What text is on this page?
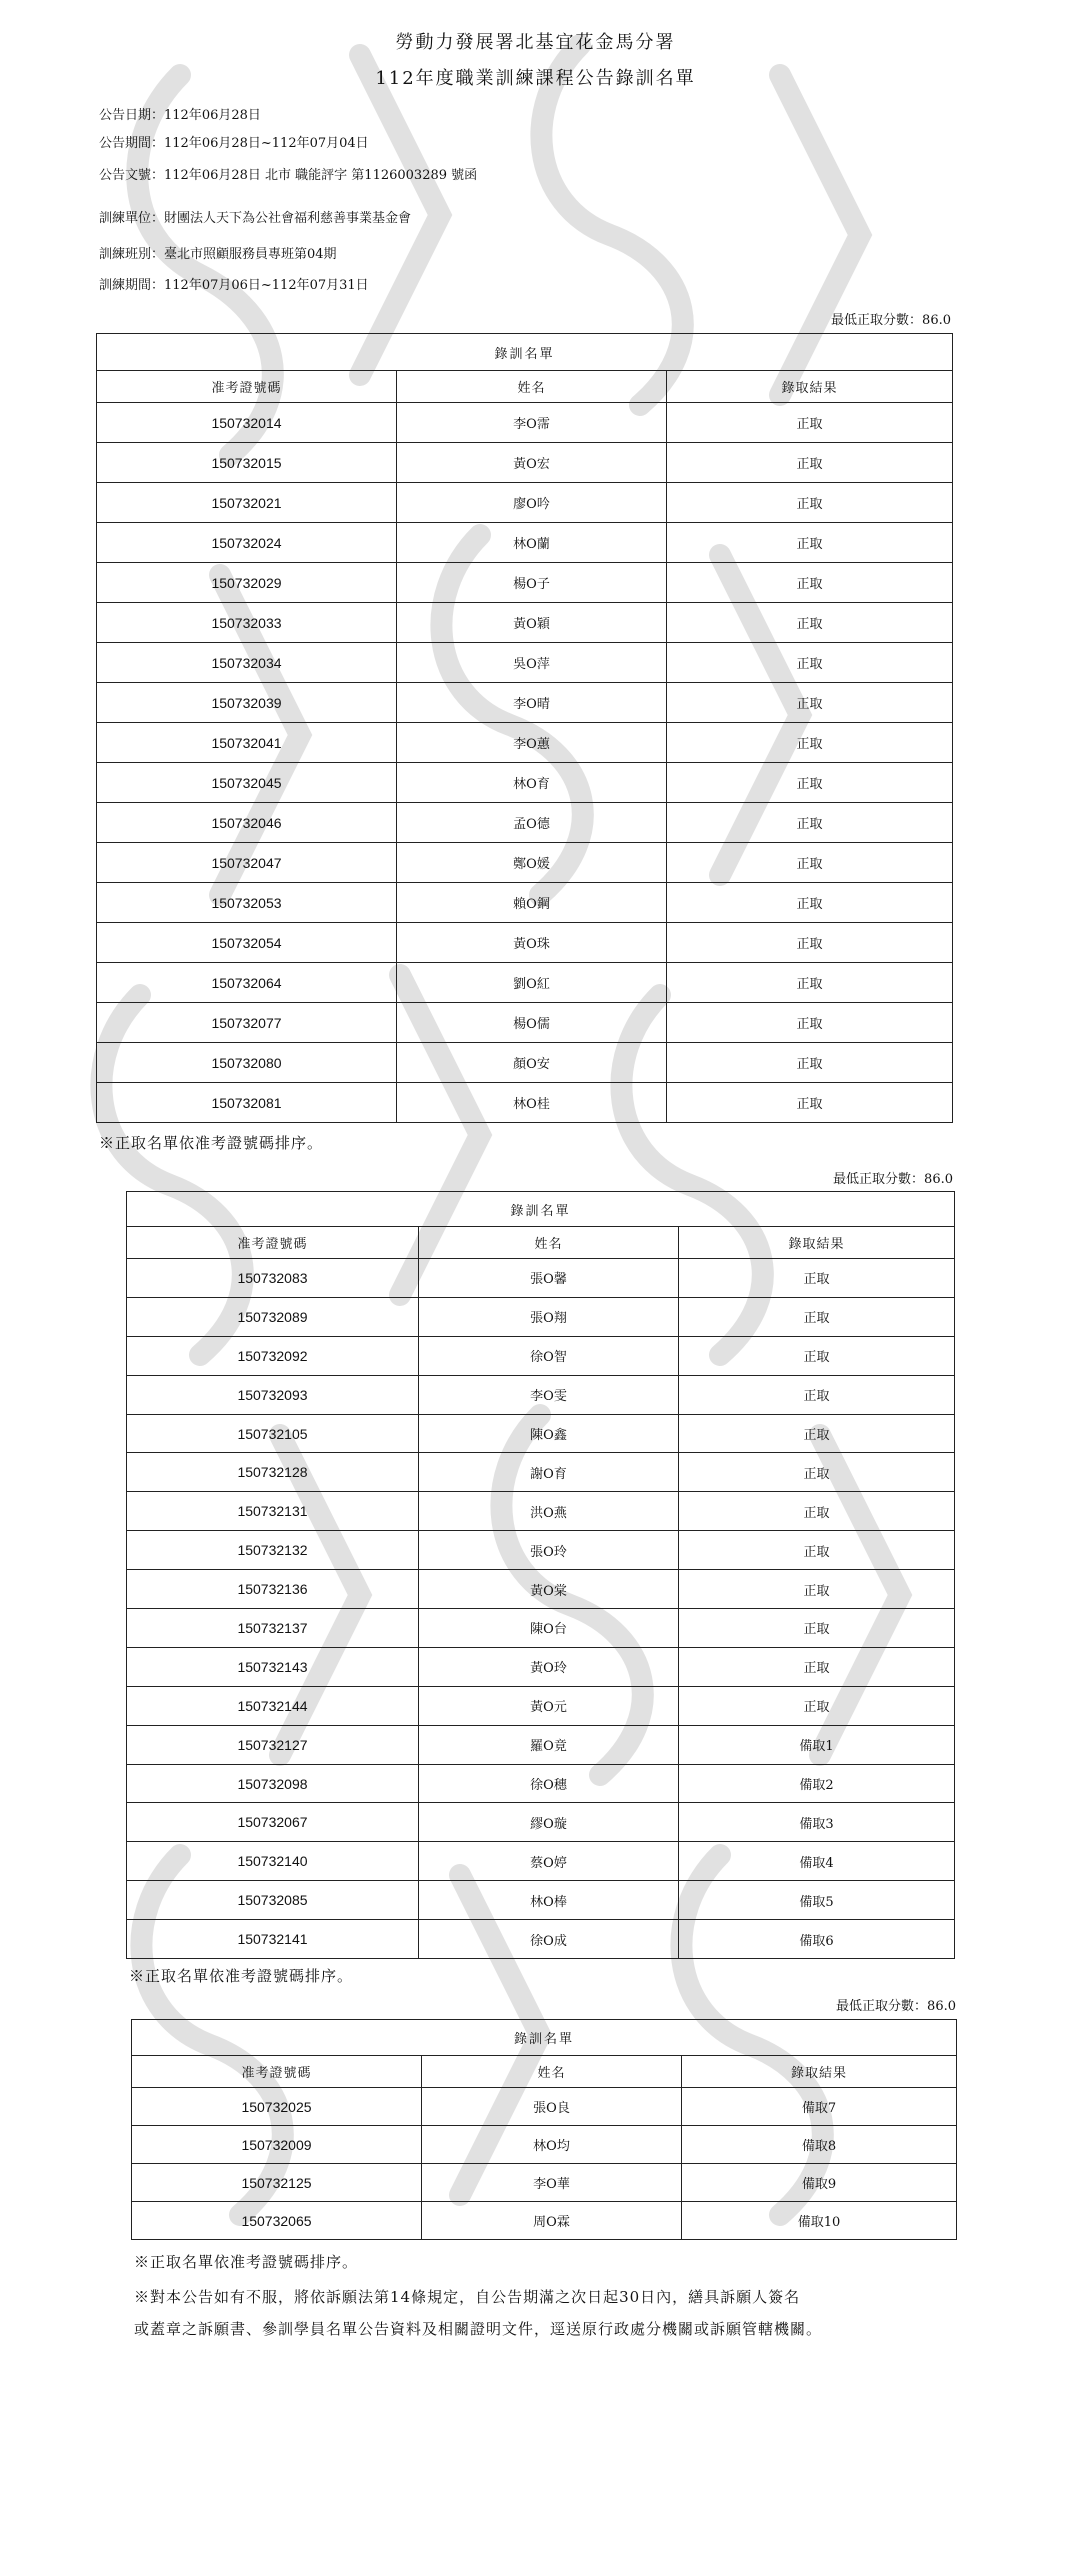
勞動力發展署北基宜花金馬分署
112年度職業訓練課程公告錄訓名單
公告日期：112年06月28日
公告期間：112年06月28日~112年07月04日
公告文號：112年06月28日 北市 職能評字 第1126003289 號函
訓練單位：財團法人天下為公社會福利慈善事業基金會
訓練班別：臺北市照顧服務員專班第04期
訓練期間：112年07月06日~112年07月31日
最低正取分數：86.0
錄訓名單		
准考證號碼	姓名	錄取結果
150732014	李O霈	正取
150732015	黃O宏	正取
150732021	廖O吟	正取
150732024	林O蘭	正取
150732029	楊O子	正取
150732033	黃O穎	正取
150732034	吳O萍	正取
150732039	李O晴	正取
150732041	李O蕙	正取
150732045	林O育	正取
150732046	孟O德	正取
150732047	鄭O媛	正取
150732053	賴O鋼	正取
150732054	黃O珠	正取
150732064	劉O紅	正取
150732077	楊O儒	正取
150732080	顏O安	正取
150732081	林O桂	正取
※正取名單依准考證號碼排序。
最低正取分數：86.0
錄訓名單		
准考證號碼	姓名	錄取結果
150732083	張O馨	正取
150732089	張O翔	正取
150732092	徐O智	正取
150732093	李O雯	正取
150732105	陳O鑫	正取
150732128	謝O育	正取
150732131	洪O燕	正取
150732132	張O玲	正取
150732136	黃O棠	正取
150732137	陳O台	正取
150732143	黃O玲	正取
150732144	黃O元	正取
150732127	羅O竟	備取1
150732098	徐O穗	備取2
150732067	繆O璇	備取3
150732140	蔡O婷	備取4
150732085	林O棒	備取5
150732141	徐O成	備取6
※正取名單依准考證號碼排序。
最低正取分數：86.0
錄訓名單		
准考證號碼	姓名	錄取結果
150732025	張O良	備取7
150732009	林O均	備取8
150732125	李O華	備取9
150732065	周O霖	備取10
※正取名單依准考證號碼排序。
※對本公告如有不服，將依訴願法第14條規定，自公告期滿之次日起30日內，繕具訴願人簽名
或蓋章之訴願書、參訓學員名單公告資料及相關證明文件，逕送原行政處分機關或訴願管轄機關。
